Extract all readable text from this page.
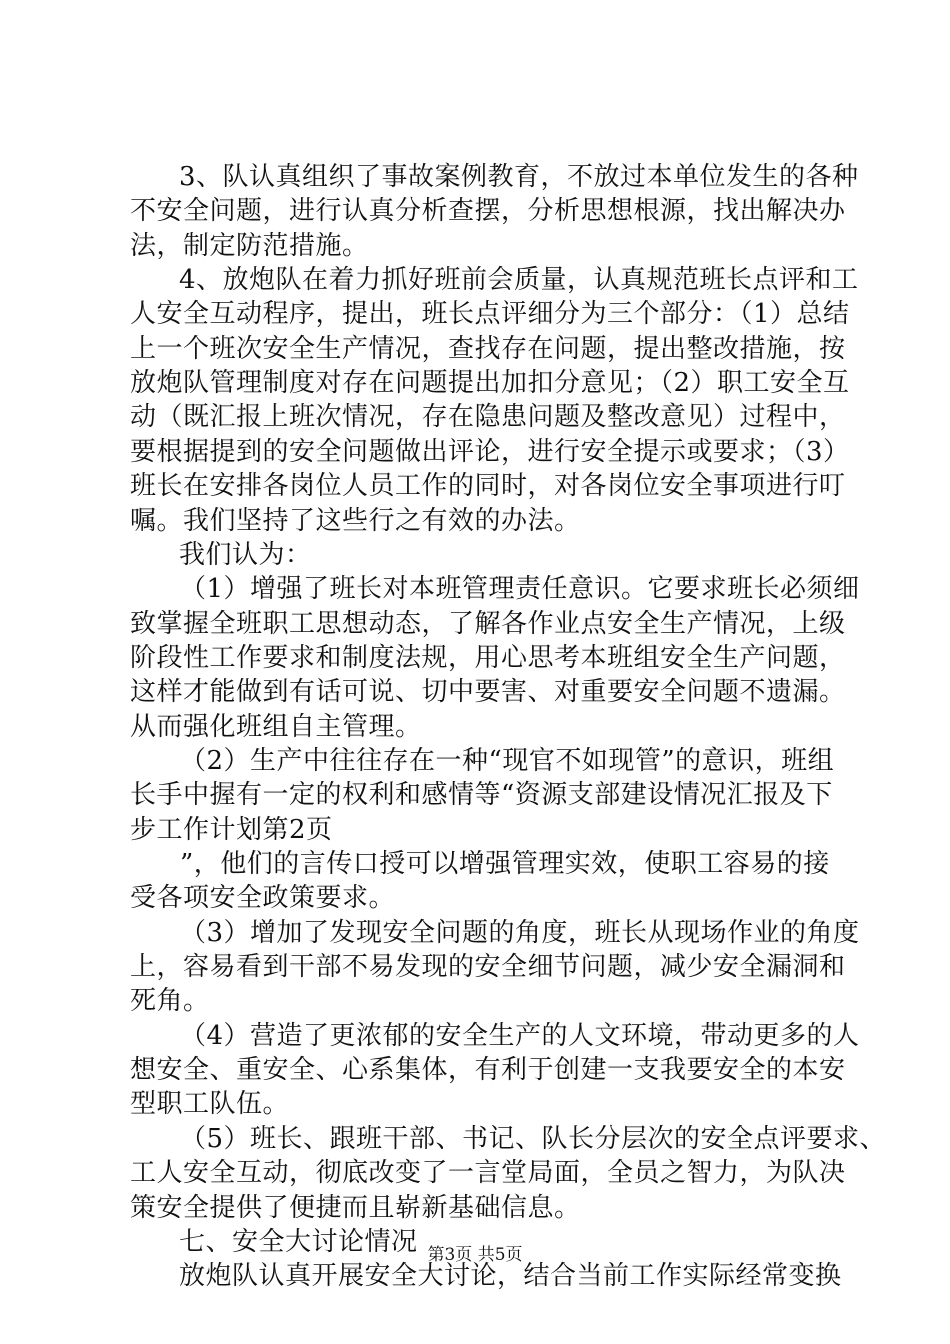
3、队认真组织了事故案例教育，不放过本单位发生的各种
不安全问题，进行认真分析查摆，分析思想根源，找出解决办
法，制定防范措施。
4、放炮队在着力抓好班前会质量，认真规范班长点评和工
人安全互动程序，提出，班长点评细分为三个部分：（1）总结
上一个班次安全生产情况，查找存在问题，提出整改措施，按
放炮队管理制度对存在问题提出加扣分意见；（2）职工安全互
动（既汇报上班次情况，存在隐患问题及整改意见）过程中，
要根据提到的安全问题做出评论，进行安全提示或要求；（3）
班长在安排各岗位人员工作的同时，对各岗位安全事项进行叮
嘱。我们坚持了这些行之有效的办法。
我们认为：
（1）增强了班长对本班管理责任意识。它要求班长必须细
致掌握全班职工思想动态，了解各作业点安全生产情况，上级
阶段性工作要求和制度法规，用心思考本班组安全生产问题，
这样才能做到有话可说、切中要害、对重要安全问题不遗漏。
从而强化班组自主管理。
（2）生产中往往存在一种“现官不如现管”的意识，班组
长手中握有一定的权利和感情等“资源支部建设情况汇报及下
步工作计划第2页
”，他们的言传口授可以增强管理实效，使职工容易的接
受各项安全政策要求。
（3）增加了发现安全问题的角度，班长从现场作业的角度
上，容易看到干部不易发现的安全细节问题，减少安全漏洞和
死角。
（4）营造了更浓郁的安全生产的人文环境，带动更多的人
想安全、重安全、心系集体，有利于创建一支我要安全的本安
型职工队伍。
（5）班长、跟班干部、书记、队长分层次的安全点评要求、
工人安全互动，彻底改变了一言堂局面，全员之智力，为队决
策安全提供了便捷而且崭新基础信息。
七、安全大讨论情况
放炮队认真开展安全大讨论，结合当前工作实际经常变换
第3页 共5页
